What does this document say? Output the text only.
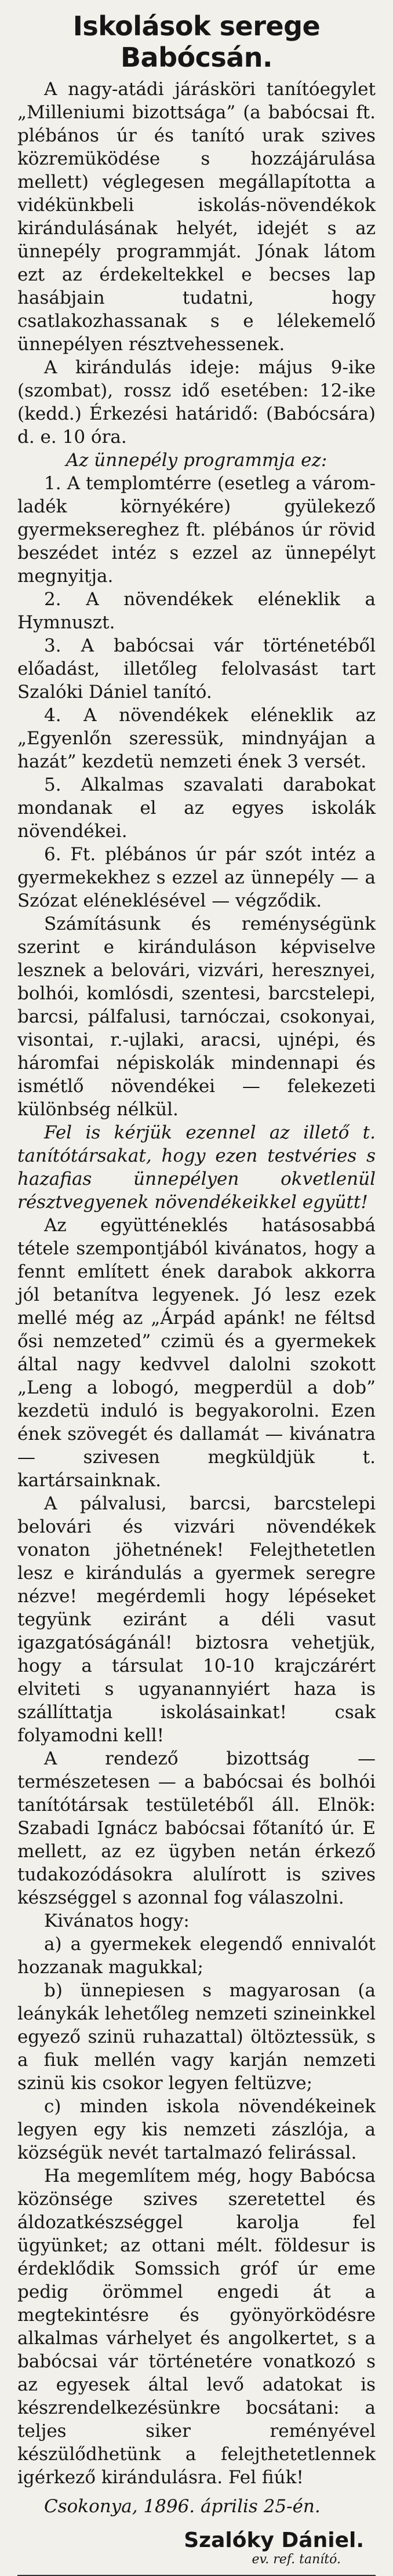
Iskolások serege Babócsán.

A nagy-atádi járásköri tanítóegylet „Milleniumi bizottsága” (a babócsai ft. plébános úr és tanító urak szives közremüködése s hozzájárulása mellett) véglegesen megállapította a vidékünkbeli iskolás-növendékok kirándulásának helyét, idejét s az ünnepély programmját. Jónak látom ezt az érdekeltekkel e becses lap hasábjain tudatni, hogy csatlakozhassanak s e lélekemelő ünnepélyen résztvehessenek.

A kirándulás ideje: május 9-ike (szombat), rossz idő esetében: 12-ike (kedd.) Érkezési határidő: (Babócsára) d. e. 10 óra.

Az ünnepély programmja ez:

1. A templomtérre (esetleg a várom-ladék környékére) gyülekező gyermeksereghez ft. plébános úr rövid beszédet intéz s ezzel az ünnepélyt megnyitja.

2. A növendékek eléneklik a Hymnuszt.

3. A babócsai vár történetéből előadást, illetőleg felolvasást tart Szalóki Dániel tanító.

4. A növendékek eléneklik az „Egyenlőn szeressük, mindnyájan a hazát” kezdetü nemzeti ének 3 versét.

5. Alkalmas szavalati darabokat mondanak el az egyes iskolák növendékei.

6. Ft. plébános úr pár szót intéz a gyermekekhez s ezzel az ünnepély — a Szózat eléneklésével — végződik.

Számításunk és reménységünk szerint e kiránduláson képviselve lesznek a belovári, vizvári, heresznyei, bolhói, komlósdi, szentesi, barcstelepi, barcsi, pálfalusi, tarnóczai, csokonyai, visontai, r.-ujlaki, aracsi, ujnépi, és háromfai népiskolák mindennapi és ismétlő növendékei — felekezeti különbség nélkül.

Fel is kérjük ezennel az illető t. tanítótársakat, hogy ezen testvéries s hazafias ünnepélyen okvetlenül résztvegyenek növendékeikkel együtt!

Az együtténeklés hatásosabbá tétele szempontjából kivánatos, hogy a fennt említett ének darabok akkorra jól betanítva legyenek. Jó lesz ezek mellé még az „Árpád apánk! ne féltsd ősi nemzeted” czimü és a gyermekek által nagy kedvvel dalolni szokott „Leng a lobogó, megperdül a dob” kezdetü induló is begyakorolni. Ezen ének szövegét és dallamát — kivánatra — szivesen megküldjük t. kartársainknak.

A pálvalusi, barcsi, barcstelepi belovári és vizvári növendékek vonaton jöhetnének! Felejthetetlen lesz e kirándulás a gyermek seregre nézve! megérdemli hogy lépéseket tegyünk eziránt a déli vasut igazgatóságánál! biztosra vehetjük, hogy a társulat 10-10 krajczárért elviteti s ugyanannyiért haza is szállíttatja iskolásainkat! csak folyamodni kell!

A rendező bizottság — természetesen — a babócsai és bolhói tanítótársak testületéből áll. Elnök: Szabadi Ignácz babócsai főtanító úr. E mellett, az ez ügyben netán érkező tudakozódásokra alulírott is szives készséggel s azonnal fog válaszolni.

Kivánatos hogy:

a) a gyermekek elegendő ennivalót hozzanak magukkal;

b) ünnepiesen s magyarosan (a leánykák lehetőleg nemzeti szineinkkel egyező szinü ruhazattal) öltöztessük, s a fiuk mellén vagy karján nemzeti szinü kis csokor legyen feltüzve;

c) minden iskola növendékeinek legyen egy kis nemzeti zászlója, a községük nevét tartalmazó felirással.

Ha megemlítem még, hogy Babócsa közönsége szives szeretettel és áldozatkészséggel karolja fel ügyünket; az ottani mélt. földesur is érdeklődik Somssich gróf úr eme pedig örömmel engedi át a megtekintésre és gyönyörködésre alkalmas várhelyet és angolkertet, s a babócsai vár történetére vonatkozó s az egyesek által levő adatokat is készrendelkezésünkre bocsátani: a teljes siker reményével készülődhetünk a felejthetetlennek igérkező kirándulásra. Fel fiúk!

Csokonya, 1896. április 25-én.

Szalóky Dániel.
ev. ref. tanító.
